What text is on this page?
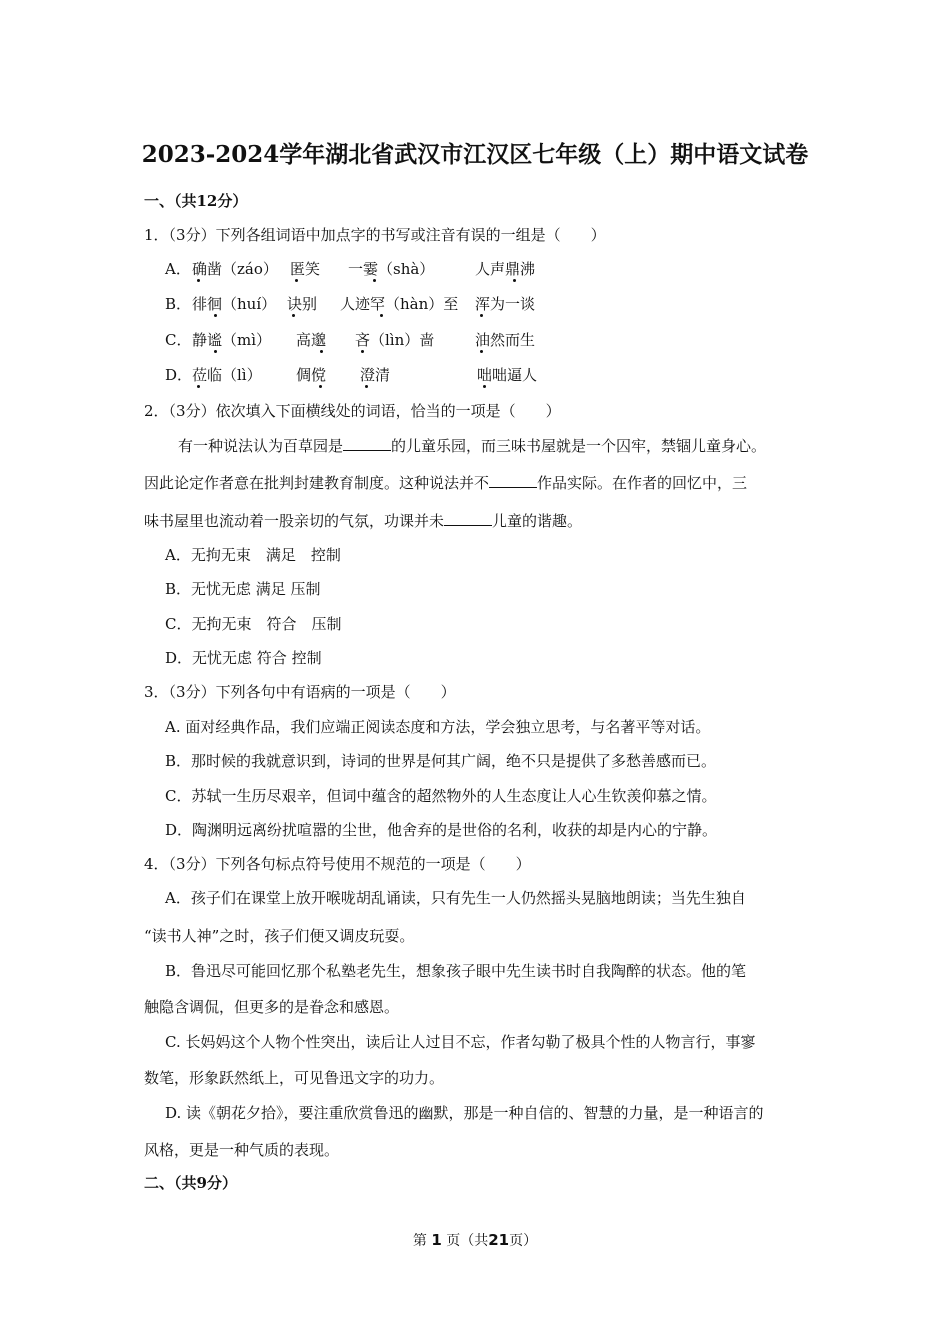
2023-2024学年湖北省武汉市江汉区七年级（上）期中语文试卷
一、（共12分）
1．（3分）下列各组词语中加点字的书写或注音有误的一组是（　　）
A． 确凿（záo） 匿笑 一霎（shà）	人声鼎沸
B． 徘徊（huí） 诀别 人迹罕（hàn）至 浑为一谈
C． 静谧（mì） 高邈 吝（lìn）啬	油然而生
D． 莅临（lì） 倜傥 澄清	咄咄逼人
2．（3分）依次填入下面横线处的词语，恰当的一项是（　　）
有一种说法认为百草园是	的儿童乐园，而三味书屋就是一个囚牢，禁锢儿童身心。
因此论定作者意在批判封建教育制度。这种说法并不	作品实际。在作者的回忆中，三
味书屋里也流动着一股亲切的气氛，功课并未	儿童的谐趣。
A．无拘无束　满足　控制
B．无忧无虑 满足 压制
C．无拘无束　符合　压制
D．无忧无虑 符合 控制
3．（3分）下列各句中有语病的一项是（　　）
A. 面对经典作品，我们应端正阅读态度和方法，学会独立思考，与名著平等对话。
B．那时候的我就意识到，诗词的世界是何其广阔，绝不只是提供了多愁善感而已。
C．苏轼一生历尽艰辛，但词中蕴含的超然物外的人生态度让人心生钦羡仰慕之情。
D．陶渊明远离纷扰喧嚣的尘世，他舍弃的是世俗的名利，收获的却是内心的宁静。
4．（3分）下列各句标点符号使用不规范的一项是（　　）
A．孩子们在课堂上放开喉咙胡乱诵读，只有先生一人仍然摇头晃脑地朗读；当先生独自
“读书人神”之时，孩子们便又调皮玩耍。
B．鲁迅尽可能回忆那个私塾老先生，想象孩子眼中先生读书时自我陶醉的状态。他的笔
触隐含调侃，但更多的是眷念和感恩。
C. 长妈妈这个人物个性突出，读后让人过目不忘，作者勾勒了极具个性的人物言行，事寥
数笔，形象跃然纸上，可见鲁迅文字的功力。
D. 读《朝花夕拾》，要注重欣赏鲁迅的幽默，那是一种自信的、智慧的力量，是一种语言的
风格，更是一种气质的表现。
二、（共9分）
第 1 页（共21页）
